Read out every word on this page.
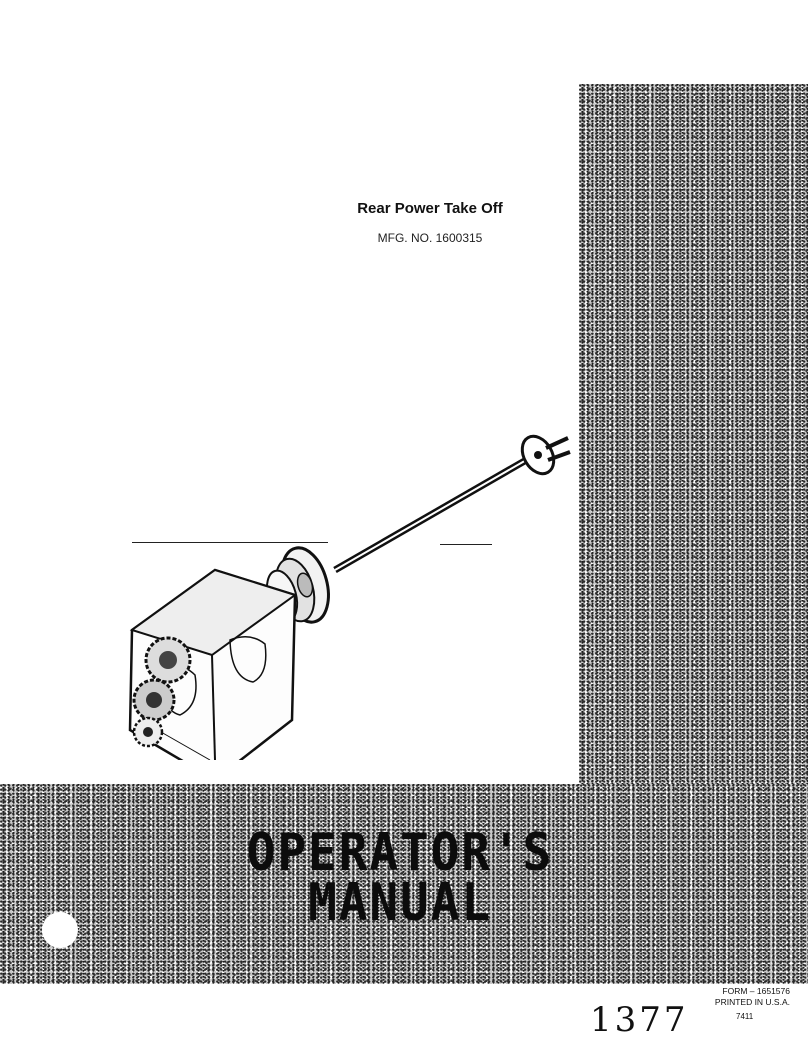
Rear Power Take Off
MFG. NO. 1600315
OPERATOR'S
MANUAL
FORM – 1651576
PRINTED IN U.S.A.
1377	7411
